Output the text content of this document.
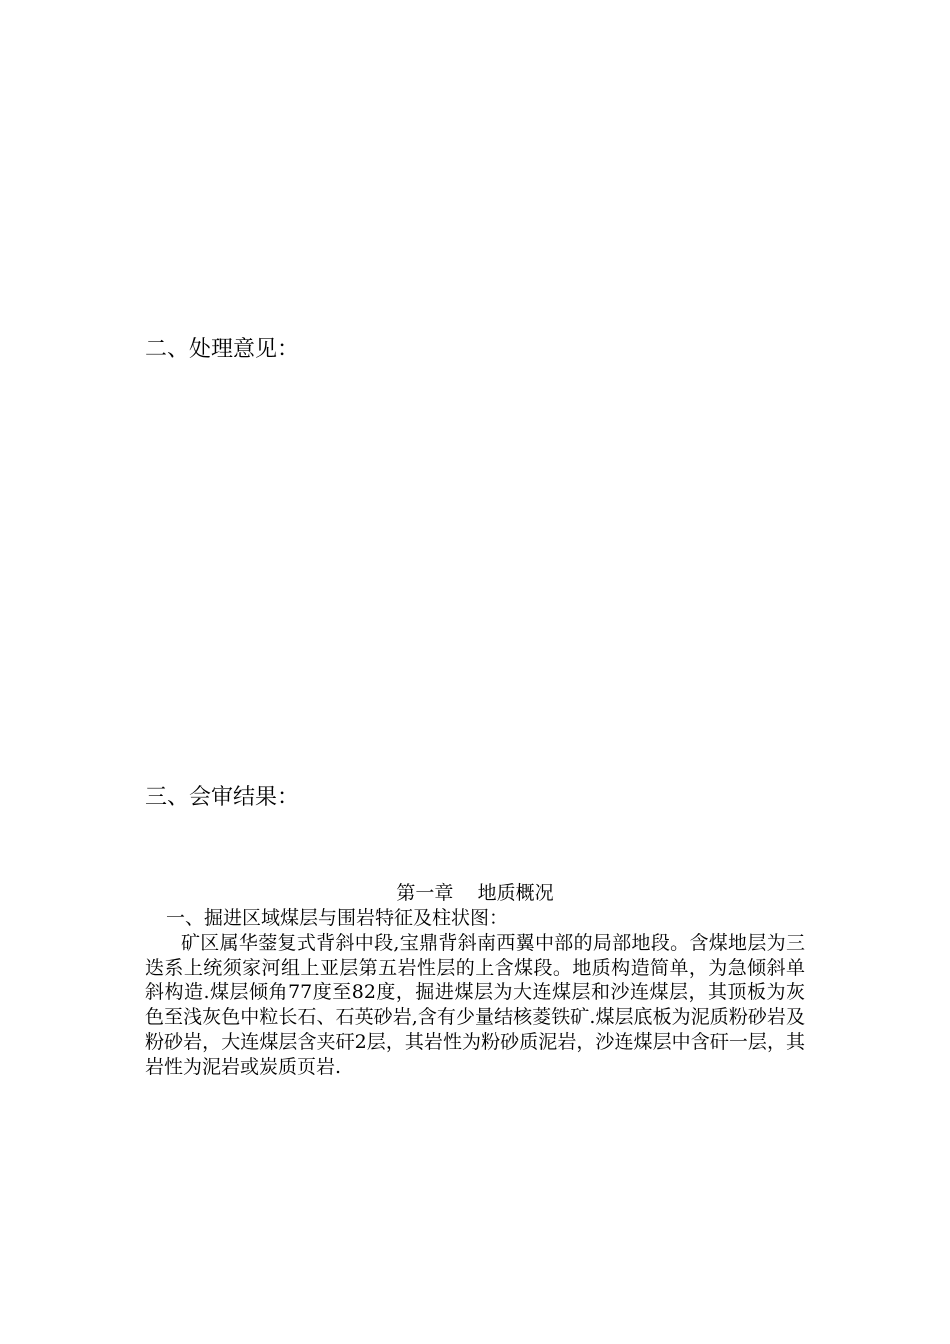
二、处理意见：
三、会审结果：
第一章    地质概况
一、掘进区域煤层与围岩特征及柱状图：

矿区属华蓥复式背斜中段,宝鼎背斜南西翼中部的局部地段。含煤地层为三迭系上统须家河组上亚层第五岩性层的上含煤段。地质构造简单，为急倾斜单斜构造.煤层倾角77度至82度，掘进煤层为大连煤层和沙连煤层，其顶板为灰色至浅灰色中粒长石、石英砂岩,含有少量结核菱铁矿.煤层底板为泥质粉砂岩及粉砂岩，大连煤层含夹矸2层，其岩性为粉砂质泥岩，沙连煤层中含矸一层，其岩性为泥岩或炭质页岩.
